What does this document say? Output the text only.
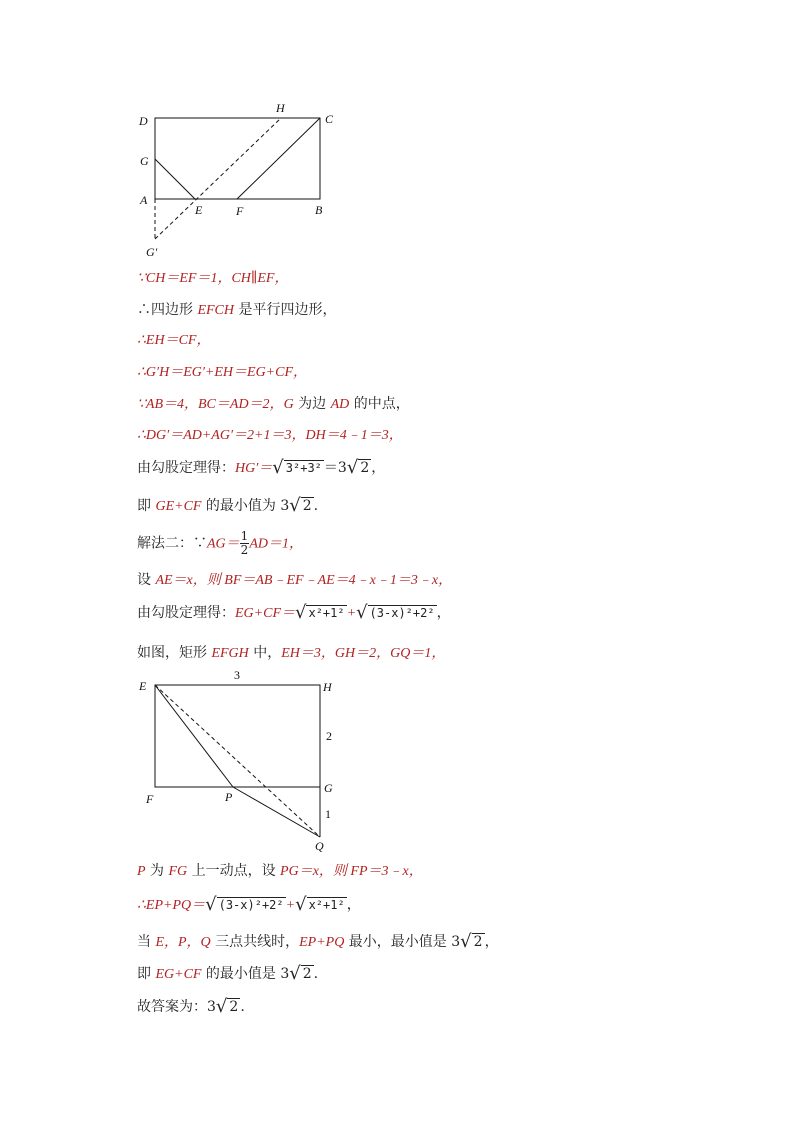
D
H
C
G
A
E	F	B
G′
∵CH＝EF＝1，CH∥EF，
∴四边形 EFCH 是平行四边形，
∴EH＝CF，
∴G′H＝EG′+EH＝EG+CF，
∵AB＝4，BC＝AD＝2，G 为边 AD 的中点，
∴DG′＝AD+AG′＝2+1＝3，DH＝4﹣1＝3，
由勾股定理得：HG′＝√ 3²+3² ＝3√ 2 ，
即 GE+CF 的最小值为 3√ 2 .
解法二：∵AG＝ $\frac{1}{2} AD=1$，
设 AE＝x，则 BF＝AB﹣EF﹣AE＝4﹣x﹣1＝3﹣x，
由勾股定理得：EG+CF＝√ x²+1² +√ (3-x)²+2² ，
如图，矩形 EFGH 中，EH＝3，GH＝2，GQ＝1，
E	H
3
2
F	P
G
1
Q
P 为 FG 上一动点，设 PG＝x，则 FP＝3﹣x，
∴EP+PQ＝√ (3-x)²+2² +√ x²+1² ，
当 E，P，Q 三点共线时，EP+PQ 最小，最小值是 3√ 2 ，
即 EG+CF 的最小值是 3√ 2 .
故答案为：3√ 2 .
